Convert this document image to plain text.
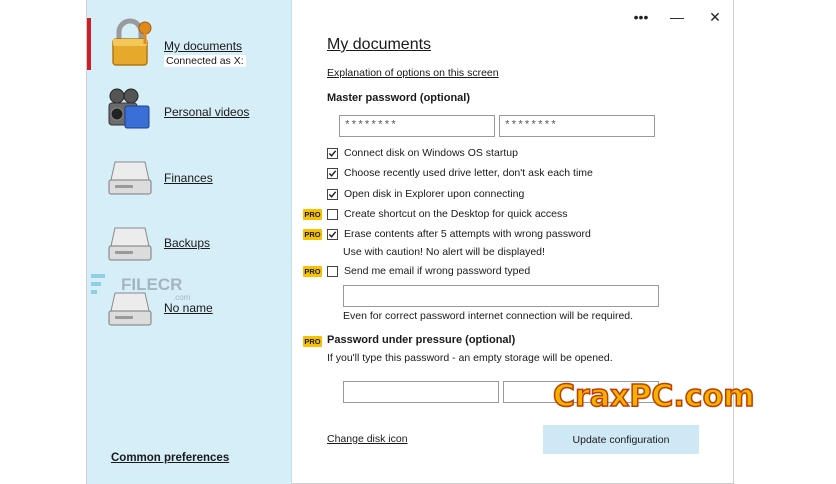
My documents
Connected as X:
Personal videos
Finances
Backups
No name
FILECR
.com
Common preferences
•••	—	✕
My documents
Explanation of options on this screen
Master password (optional)
********
********
Connect disk on Windows OS startup
Choose recently used drive letter, don't ask each time
Open disk in Explorer upon connecting
PRO Create shortcut on the Desktop for quick access
PRO Erase contents after 5 attempts with wrong password
Use with caution! No alert will be displayed!
PRO Send me email if wrong password typed
Even for correct password internet connection will be required.
PRO Password under pressure (optional)
If you'll type this password - an empty storage will be opened.
Change disk icon	Update configuration
CraxPC.com
